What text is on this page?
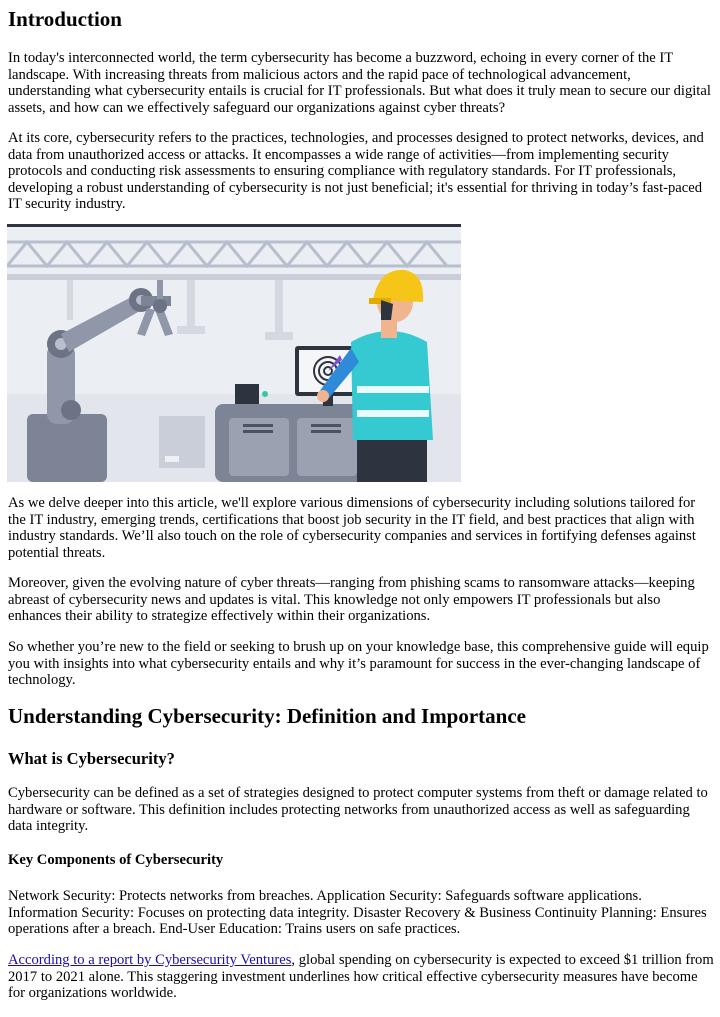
Introduction

In today's interconnected world, the term cybersecurity has become a buzzword, echoing in every corner of the IT landscape. With increasing threats from malicious actors and the rapid pace of technological advancement, understanding what cybersecurity entails is crucial for IT professionals. But what does it truly mean to secure our digital assets, and how can we effectively safeguard our organizations against cyber threats?

At its core, cybersecurity refers to the practices, technologies, and processes designed to protect networks, devices, and data from unauthorized access or attacks. It encompasses a wide range of activities—from implementing security protocols and conducting risk assessments to ensuring compliance with regulatory standards. For IT professionals, developing a robust understanding of cybersecurity is not just beneficial; it's essential for thriving in today’s fast-paced IT security industry.

As we delve deeper into this article, we'll explore various dimensions of cybersecurity including solutions tailored for the IT industry, emerging trends, certifications that boost job security in the IT field, and best practices that align with industry standards. We’ll also touch on the role of cybersecurity companies and services in fortifying defenses against potential threats.

Moreover, given the evolving nature of cyber threats—ranging from phishing scams to ransomware attacks—keeping abreast of cybersecurity news and updates is vital. This knowledge not only empowers IT professionals but also enhances their ability to strategize effectively within their organizations.

So whether you’re new to the field or seeking to brush up on your knowledge base, this comprehensive guide will equip you with insights into what cybersecurity entails and why it’s paramount for success in the ever-changing landscape of technology.

Understanding Cybersecurity: Definition and Importance
What is Cybersecurity?

Cybersecurity can be defined as a set of strategies designed to protect computer systems from theft or damage related to hardware or software. This definition includes protecting networks from unauthorized access as well as safeguarding data integrity.

Key Components of Cybersecurity

Network Security: Protects networks from breaches. Application Security: Safeguards software applications. Information Security: Focuses on protecting data integrity. Disaster Recovery & Business Continuity Planning: Ensures operations after a breach. End-User Education: Trains users on safe practices.

According to a report by Cybersecurity Ventures, global spending on cybersecurity is expected to exceed $1 trillion from 2017 to 2021 alone. This staggering investment underlines how critical effective cybersecurity measures have become for organizations worldwide.
